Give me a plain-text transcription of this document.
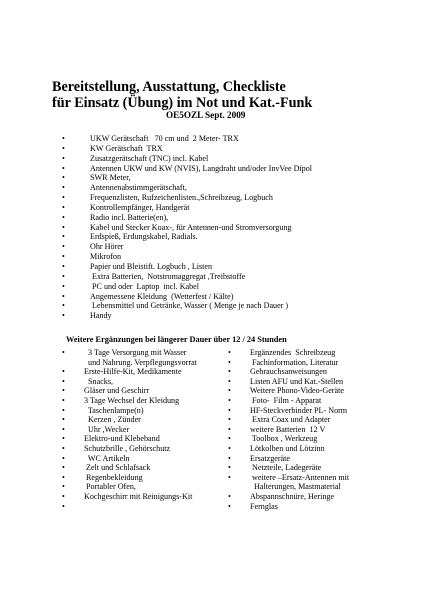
Bereitstellung, Ausstattung, Checkliste
für Einsatz (Übung) im Not und Kat.-Funk
OE5OZL Sept. 2009
•	UKW Gerätschaft   70 cm und  2 Meter- TRX
•	KW Gerätschaft  TRX
•	Zusatzgerätschaft (TNC) incl. Kabel
•	Antennen UKW und KW (NVIS), Langdraht und/oder InvVee Dipol
•	SWR Meter,
•	Antennenabstimmgerätschaft,
•	Frequenzlisten, Rufzeichenlisten.,Schreibzeug, Logbuch
•	Kontrollempfänger, Handgerät
•	Radio incl. Batterie(en),
•	Kabel und Stecker Koax-, für Antennen-und Stromversorgung
•	Erdspieß, Erdungskabel, Radials.
•	Ohr Hörer
•	Mikrofon
•	Papier und Bleistift. Logbuch , Listen
•	Extra Batterien,  Notstromaggregat ,Treibstoffe
•	PC und oder  Laptop  incl. Kabel
•	Angemessene Kleidung  (Wetterfest / Kälte)
•	Lebensmittel und Getränke, Wasser ( Menge je nach Dauer )
•	Handy
Weitere Ergänzungen bei längerer Dauer über 12 / 24 Stunden
•	3 Tage Versorgung mit Wasser
und Nahrung. Verpflegungsvorrat
•	Erste-Hilfe-Kit, Medikamente
•	Snacks,
•	Gläser und Geschirr
•	3 Tage Wechsel der Kleidung
•	Taschenlampe(n)
•	Kerzen , Zünder
•	Uhr ,Wecker
•	Elektro-und Klebeband
•	Schutzbrille , Gehörschutz
•	WC Artikeln
•	Zelt und Schlafsack
•	Regenbekleidung
•	Portabler Ofen,
•	Kochgeschirr mit Reinigungs-Kit
•
•	Ergänzendes  Schreibzeug
•	Fachinformation, Literatur
•	Gebrauchsanweisungen
•	Listen AFU und Kat.-Stellen
•	Weitere Phono-Video-Geräte
•	Foto-  Film - Apparat
•	HF-Steckverbinder PL- Norm
•	Extra Coax und Adapter
•	weitere Batterien  12 V
•	Toolbox , Werkzeug
•	Lötkolben und Lötzinn
•	Ersatzgeräte
•	Netzteile, Ladegeräte
•	weitere –Ersatz-Antennen mit
Halterungen, Mastmaterial
•	Abspannschnüre, Heringe
•	Fernglas
